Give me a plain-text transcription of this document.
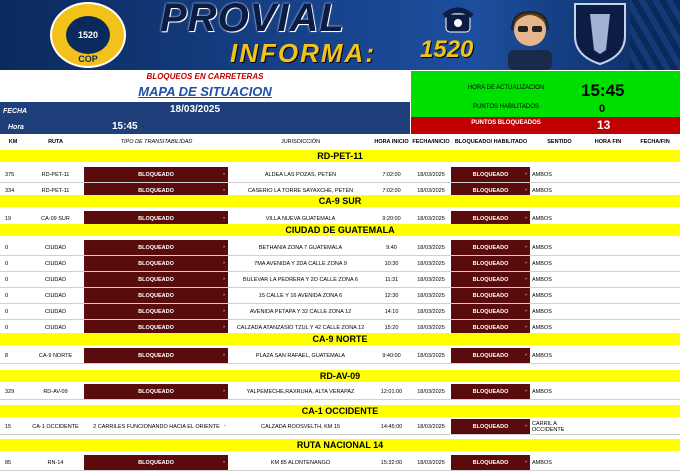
1520
COP
PROVIAL
INFORMA: 1520
BLOQUEOS EN CARRETERAS
MAPA DE SITUACION
FECHA	18/03/2025
Hora	15:45
HORA DE ACTUALIZACION	15:45
PUNTOS HABILITADOS	0
PUNTOS BLOQUEADOS	13
KM	RUTA	TIPO DE TRANSITABILIDAD	JURISDICCIÓN	HORA INICIO FECHA/INICIO BLOQUEADO/ HABILITADO	SENTIDO	HORA FIN	FECHA/FIN
RD-PET-11
375	RD-PET-11	BLOQUEADO	-	ALDEA LAS POZAS, PETEN	7:02:00	18/03/2025	BLOQUEADO	- AMBOS
334	RD-PET-11	BLOQUEADO	-	CASERIO LA TORRE SAYAXCHE, PETEN	7:02:00	18/03/2025	BLOQUEADO	- AMBOS
CA-9 SUR
19	CA-09 SUR	BLOQUEADO	-	VILLA NUEVA GUATEMALA	9:20:00	18/03/2025	BLOQUEADO	- AMBOS
CIUDAD DE GUATEMALA
0	CIUDAD	BLOQUEADO	-	BETHANIA ZONA 7 GUATEMALA	9:40	18/03/2025	BLOQUEADO	- AMBOS
0	CIUDAD	BLOQUEADO	-	7MA AVENIDA Y 2DA CALLE ZONA 9	10:30	18/03/2025	BLOQUEADO	- AMBOS
0	CIUDAD	BLOQUEADO	-	BULEVAR LA PEDRERA Y 2O CALLE ZONA 6	11:31	18/03/2025	BLOQUEADO	- AMBOS
0	CIUDAD	BLOQUEADO	-	15 CALLE Y 16 AVENIDA ZONA 6	12:30	18/03/2025	BLOQUEADO	- AMBOS
0	CIUDAD	BLOQUEADO	-	AVENIDA PETAPA Y 32 CALLE ZONA 12	14:10	18/03/2025	BLOQUEADO	- AMBOS
0	CIUDAD	BLOQUEADO	- CALZADA ATANZASIO TZUL Y 42 CALLE ZONA 12	15:20	18/03/2025	BLOQUEADO	- AMBOS
CA-9 NORTE
8	CA-9 NORTE	BLOQUEADO	-	PLAZA SAN RAFAEL, GUATEMALA	9:40:00	18/03/2025	BLOQUEADO	- AMBOS
RD-AV-09
329	RD-AV-09	BLOQUEADO	-	YALPEMECHE,RAXRUHÁ, ALTA VERAPAZ	12:01:00	18/03/2025	BLOQUEADO	- AMBOS
CA-1 OCCIDENTE
15	CA-1 OCCIDENTE	2 CARRILES FUNCIONANDO HACIA EL ORIENTE	CALZADA ROOSVELTH, KM 15	14:45:00	18/03/2025	BLOQUEADO	- CARRIL A OCCIDENTE
-
RUTA NACIONAL 14
85	RN-14	BLOQUEADO	-	KM 85 ALONTENANGO	15:32:00	18/03/2025	BLOQUEADO	- AMBOS
